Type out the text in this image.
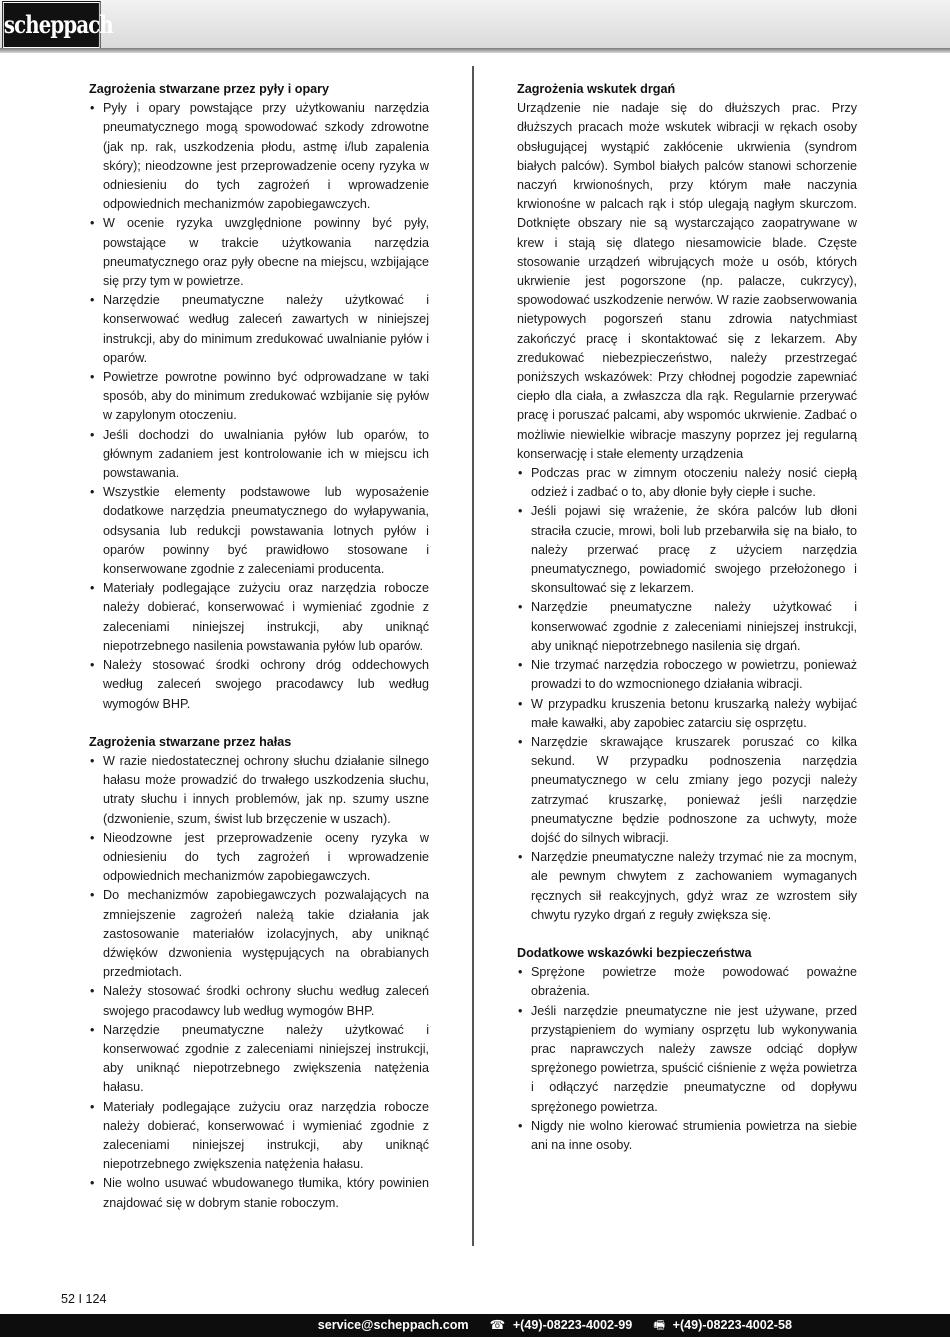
scheppach
Zagrożenia stwarzane przez pyły i opary
• Pyły i opary powstające przy użytkowaniu narzędzia pneumatycznego mogą spowodować szkody zdrowotne (jak np. rak, uszkodzenia płodu, astmę i/lub zapalenia skóry); nieodzowne jest przeprowadzenie oceny ryzyka w odniesieniu do tych zagrożeń i wprowadzenie odpowiednich mechanizmów zapobiegawczych.
• W ocenie ryzyka uwzględnione powinny być pyły, powstające w trakcie użytkowania narzędzia pneumatycznego oraz pyły obecne na miejscu, wzbijające się przy tym w powietrze.
• Narzędzie pneumatyczne należy użytkować i konserwować według zaleceń zawartych w niniejszej instrukcji, aby do minimum zredukować uwalnianie pyłów i oparów.
• Powietrze powrotne powinno być odprowadzane w taki sposób, aby do minimum zredukować wzbijanie się pyłów w zapylonym otoczeniu.
• Jeśli dochodzi do uwalniania pyłów lub oparów, to głównym zadaniem jest kontrolowanie ich w miejscu ich powstawania.
• Wszystkie elementy podstawowe lub wyposażenie dodatkowe narzędzia pneumatycznego do wyłapywania, odsysania lub redukcji powstawania lotnych pyłów i oparów powinny być prawidłowo stosowane i konserwowane zgodnie z zaleceniami producenta.
• Materiały podlegające zużyciu oraz narzędzia robocze należy dobierać, konserwować i wymieniać zgodnie z zaleceniami niniejszej instrukcji, aby uniknąć niepotrzebnego nasilenia powstawania pyłów lub oparów.
• Należy stosować środki ochrony dróg oddechowych według zaleceń swojego pracodawcy lub według wymogów BHP.
Zagrożenia stwarzane przez hałas
• W razie niedostatecznej ochrony słuchu działanie silnego hałasu może prowadzić do trwałego uszkodzenia słuchu, utraty słuchu i innych problemów, jak np. szumy uszne (dzwonienie, szum, świst lub brzęczenie w uszach).
• Nieodzowne jest przeprowadzenie oceny ryzyka w odniesieniu do tych zagrożeń i wprowadzenie odpowiednich mechanizmów zapobiegawczych.
• Do mechanizmów zapobiegawczych pozwalających na zmniejszenie zagrożeń należą takie działania jak zastosowanie materiałów izolacyjnych, aby uniknąć dźwięków dzwonienia występujących na obrabianych przedmiotach.
• Należy stosować środki ochrony słuchu według zaleceń swojego pracodawcy lub według wymogów BHP.
• Narzędzie pneumatyczne należy użytkować i konserwować zgodnie z zaleceniami niniejszej instrukcji, aby uniknąć niepotrzebnego zwiększenia natężenia hałasu.
• Materiały podlegające zużyciu oraz narzędzia robocze należy dobierać, konserwować i wymieniać zgodnie z zaleceniami niniejszej instrukcji, aby uniknąć niepotrzebnego zwiększenia natężenia hałasu.
• Nie wolno usuwać wbudowanego tłumika, który powinien znajdować się w dobrym stanie roboczym.
Zagrożenia wskutek drgań

Urządzenie nie nadaje się do dłuższych prac. Przy dłuższych pracach może wskutek wibracji w rękach osoby obsługującej wystąpić zakłócenie ukrwienia (syndrom białych palców). Symbol białych palców stanowi schorzenie naczyń krwionośnych, przy którym małe naczynia krwionośne w palcach rąk i stóp ulegają nagłym skurczom. Dotknięte obszary nie są wystarczająco zaopatrywane w krew i stają się dlatego niesamowicie blade. Częste stosowanie urządzeń wibrujących może u osób, których ukrwienie jest pogorszone (np. palacze, cukrzycy), spowodować uszkodzenie nerwów. W razie zaobserwowania nietypowych pogorszeń stanu zdrowia natychmiast zakończyć pracę i skontaktować się z lekarzem. Aby zredukować niebezpieczeństwo, należy przestrzegać poniższych wskazówek: Przy chłodnej pogodzie zapewniać ciepło dla ciała, a zwłaszcza dla rąk. Regularnie przerywać pracę i poruszać palcami, aby wspomóc ukrwienie. Zadbać o możliwie niewielkie wibracje maszyny poprzez jej regularną konserwację i stałe elementy urządzenia

• Podczas prac w zimnym otoczeniu należy nosić ciepłą odzież i zadbać o to, aby dłonie były ciepłe i suche.
• Jeśli pojawi się wrażenie, że skóra palców lub dłoni straciła czucie, mrowi, boli lub przebarwiła się na biało, to należy przerwać pracę z użyciem narzędzia pneumatycznego, powiadomić swojego przełożonego i skonsultować się z lekarzem.
• Narzędzie pneumatyczne należy użytkować i konserwować zgodnie z zaleceniami niniejszej instrukcji, aby uniknąć niepotrzebnego nasilenia się drgań.
• Nie trzymać narzędzia roboczego w powietrzu, ponieważ prowadzi to do wzmocnionego działania wibracji.
• W przypadku kruszenia betonu kruszarką należy wybijać małe kawałki, aby zapobiec zatarciu się osprzętu.
• Narzędzie skrawające kruszarek poruszać co kilka sekund. W przypadku podnoszenia narzędzia pneumatycznego w celu zmiany jego pozycji należy zatrzymać kruszarkę, ponieważ jeśli narzędzie pneumatyczne będzie podnoszone za uchwyty, może dojść do silnych wibracji.
• Narzędzie pneumatyczne należy trzymać nie za mocnym, ale pewnym chwytem z zachowaniem wymaganych ręcznych sił reakcyjnych, gdyż wraz ze wzrostem siły chwytu ryzyko drgań z reguły zwiększa się.
Dodatkowe wskazówki bezpieczeństwa
• Sprężone powietrze może powodować poważne obrażenia.
• Jeśli narzędzie pneumatyczne nie jest używane, przed przystąpieniem do wymiany osprzętu lub wykonywania prac naprawczych należy zawsze odciąć dopływ sprężonego powietrza, spuścić ciśnienie z węża powietrza i odłączyć narzędzie pneumatyczne od dopływu sprężonego powietrza.
• Nigdy nie wolno kierować strumienia powietrza na siebie ani na inne osoby.
52 I 124
service@scheppach.com ☎ +(49)-08223-4002-99 🖷 +(49)-08223-4002-58
